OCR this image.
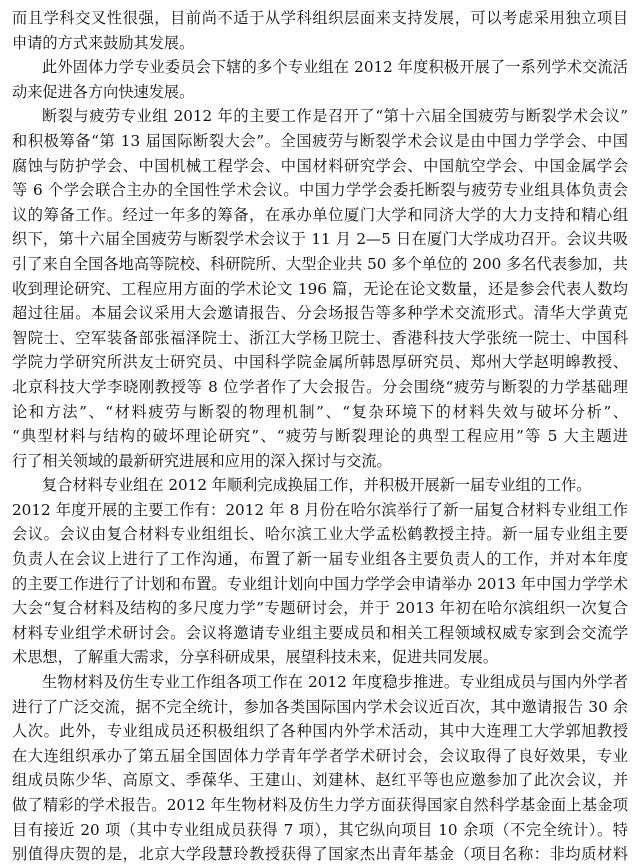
而且学科交叉性很强，目前尚不适于从学科组织层面来支持发展，可以考虑采用独立项目
申请的方式来鼓励其发展。
此外固体力学专业委员会下辖的多个专业组在 2012 年度积极开展了一系列学术交流活
动来促进各方向快速发展。
断裂与疲劳专业组 2012 年的主要工作是召开了“第十六届全国疲劳与断裂学术会议”
和积极筹备“第 13 届国际断裂大会”。全国疲劳与断裂学术会议是由中国力学学会、中国
腐蚀与防护学会、中国机械工程学会、中国材料研究学会、中国航空学会、中国金属学会
等 6 个学会联合主办的全国性学术会议。中国力学学会委托断裂与疲劳专业组具体负责会
议的筹备工作。经过一年多的筹备，在承办单位厦门大学和同济大学的大力支持和精心组
织下，第十六届全国疲劳与断裂学术会议于 11 月 2—5 日在厦门大学成功召开。会议共吸
引了来自全国各地高等院校、科研院所、大型企业共 50 多个单位的 200 多名代表参加，共
收到理论研究、工程应用方面的学术论文 196 篇，无论在论文数量，还是参会代表人数均
超过往届。本届会议采用大会邀请报告、分会场报告等多种学术交流形式。清华大学黄克
智院士、空军装备部张福泽院士、浙江大学杨卫院士、香港科技大学张统一院士、中国科
学院力学研究所洪友士研究员、中国科学院金属所韩恩厚研究员、郑州大学赵明皞教授、
北京科技大学李晓刚教授等 8 位学者作了大会报告。分会围绕“疲劳与断裂的力学基础理
论和方法”、“材料疲劳与断裂的物理机制”、“复杂环境下的材料失效与破坏分析”、
“典型材料与结构的破坏理论研究”、“疲劳与断裂理论的典型工程应用”等 5 大主题进
行了相关领域的最新研究进展和应用的深入探讨与交流。
复合材料专业组在 2012 年顺利完成换届工作，并积极开展新一届专业组的工作。
2012 年度开展的主要工作有：2012 年 8 月份在哈尔滨举行了新一届复合材料专业组工作
会议。会议由复合材料专业组组长、哈尔滨工业大学孟松鹤教授主持。新一届专业组主要
负责人在会议上进行了工作沟通，布置了新一届专业组各主要负责人的工作，并对本年度
的主要工作进行了计划和布置。专业组计划向中国力学学会申请举办 2013 年中国力学学术
大会“复合材料及结构的多尺度力学”专题研讨会，并于 2013 年初在哈尔滨组织一次复合
材料专业组学术研讨会。会议将邀请专业组主要成员和相关工程领域权威专家到会交流学
术思想，了解重大需求，分享科研成果，展望科技未来，促进共同发展。
生物材料及仿生专业工作组各项工作在 2012 年度稳步推进。专业组成员与国内外学者
进行了广泛交流，据不完全统计，参加各类国际国内学术会议近百次，其中邀请报告 30 余
人次。此外，专业组成员还积极组织了各种国内外学术活动，其中大连理工大学郭旭教授
在大连组织承办了第五届全国固体力学青年学者学术研讨会，会议取得了良好效果，专业
组成员陈少华、高原文、季葆华、王建山、刘建林、赵红平等也应邀参加了此次会议，并
做了精彩的学术报告。2012 年生物材料及仿生力学方面获得国家自然科学基金面上基金项
目有接近 20 项（其中专业组成员获得 7 项），其它纵向项目 10 余项（不完全统计）。特
别值得庆贺的是，北京大学段慧玲教授获得了国家杰出青年基金（项目名称：非均质材料
